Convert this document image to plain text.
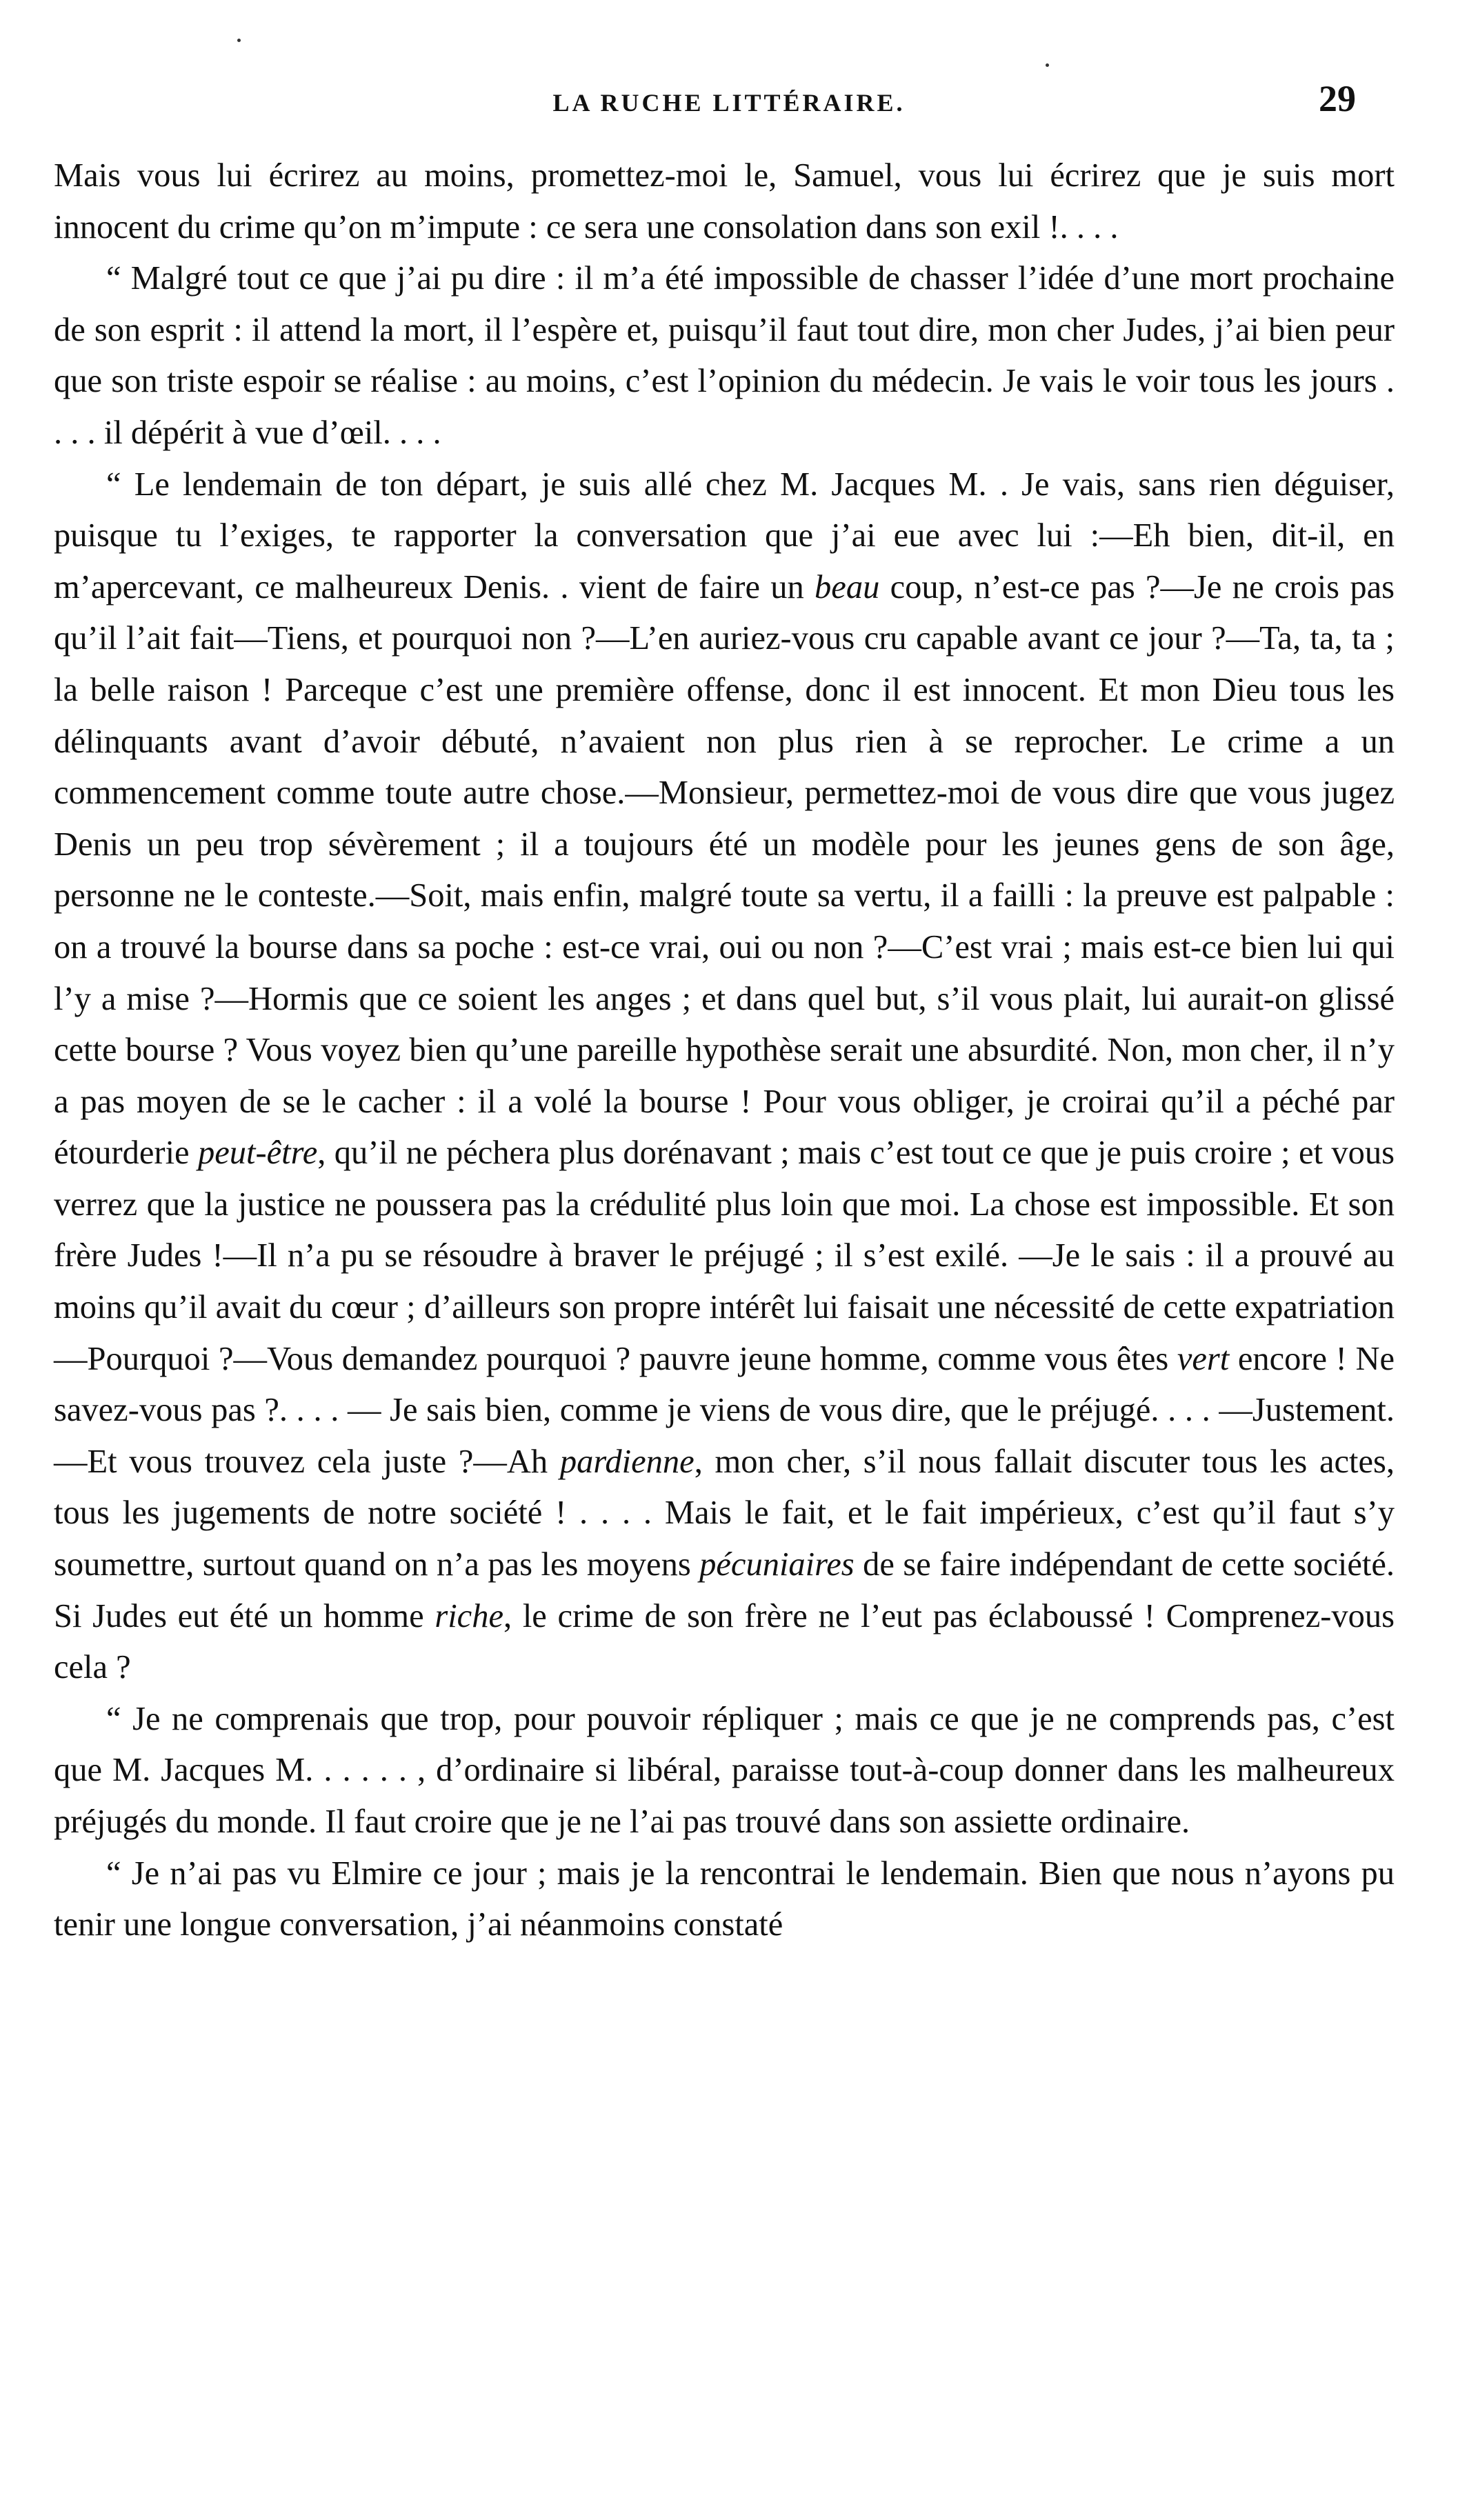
LA RUCHE LITTÉRAIRE.	29

Mais vous lui écrirez au moins, promettez-moi le, Samuel, vous lui écrirez que je suis mort innocent du crime qu’on m’impute : ce sera une consolation dans son exil !. . . .

“ Malgré tout ce que j’ai pu dire : il m’a été impossible de chasser l’idée d’une mort prochaine de son esprit : il attend la mort, il l’espère et, puisqu’il faut tout dire, mon cher Judes, j’ai bien peur que son triste espoir se réalise : au moins, c’est l’opinion du médecin. Je vais le voir tous les jours . . . . il dépérit à vue d’œil. . . .

“ Le lendemain de ton départ, je suis allé chez M. Jacques M. . Je vais, sans rien déguiser, puisque tu l’exiges, te rapporter la conversation que j’ai eue avec lui :—Eh bien, dit-il, en m’apercevant, ce malheureux Denis. . vient de faire un beau coup, n’est-ce pas ?—Je ne crois pas qu’il l’ait fait—Tiens, et pourquoi non ?—L’en auriez-vous cru capable avant ce jour ?—Ta, ta, ta ; la belle raison ! Parceque c’est une première offense, donc il est innocent. Et mon Dieu tous les délinquants avant d’avoir débuté, n’avaient non plus rien à se reprocher. Le crime a un commencement comme toute autre chose.—Monsieur, permettez-moi de vous dire que vous jugez Denis un peu trop sévèrement ; il a toujours été un modèle pour les jeunes gens de son âge, personne ne le conteste.—Soit, mais enfin, malgré toute sa vertu, il a failli : la preuve est palpable : on a trouvé la bourse dans sa poche : est-ce vrai, oui ou non ?—C’est vrai ; mais est-ce bien lui qui l’y a mise ?—Hormis que ce soient les anges ; et dans quel but, s’il vous plait, lui aurait-on glissé cette bourse ? Vous voyez bien qu’une pareille hypothèse serait une absurdité. Non, mon cher, il n’y a pas moyen de se le cacher : il a volé la bourse ! Pour vous obliger, je croirai qu’il a péché par étourderie peut-être, qu’il ne péchera plus dorénavant ; mais c’est tout ce que je puis croire ; et vous verrez que la justice ne poussera pas la crédulité plus loin que moi. La chose est impossible. Et son frère Judes !—Il n’a pu se résoudre à braver le préjugé ; il s’est exilé. —Je le sais : il a prouvé au moins qu’il avait du cœur ; d’ailleurs son propre intérêt lui faisait une nécessité de cette expatriation—Pourquoi ?—Vous demandez pourquoi ? pauvre jeune homme, comme vous êtes vert encore ! Ne savez-vous pas ?. . . . — Je sais bien, comme je viens de vous dire, que le préjugé. . . . —Justement.—Et vous trouvez cela juste ?—Ah pardienne, mon cher, s’il nous fallait discuter tous les actes, tous les jugements de notre société ! . . . . Mais le fait, et le fait impérieux, c’est qu’il faut s’y soumettre, surtout quand on n’a pas les moyens pécuniaires de se faire indépendant de cette société. Si Judes eut été un homme riche, le crime de son frère ne l’eut pas éclaboussé ! Comprenez-vous cela ?

“ Je ne comprenais que trop, pour pouvoir répliquer ; mais ce que je ne comprends pas, c’est que M. Jacques M. . . . . . , d’ordinaire si libéral, paraisse tout-à-coup donner dans les malheureux préjugés du monde. Il faut croire que je ne l’ai pas trouvé dans son assiette ordinaire.

“ Je n’ai pas vu Elmire ce jour ; mais je la rencontrai le lendemain. Bien que nous n’ayons pu tenir une longue conversation, j’ai néanmoins constaté
